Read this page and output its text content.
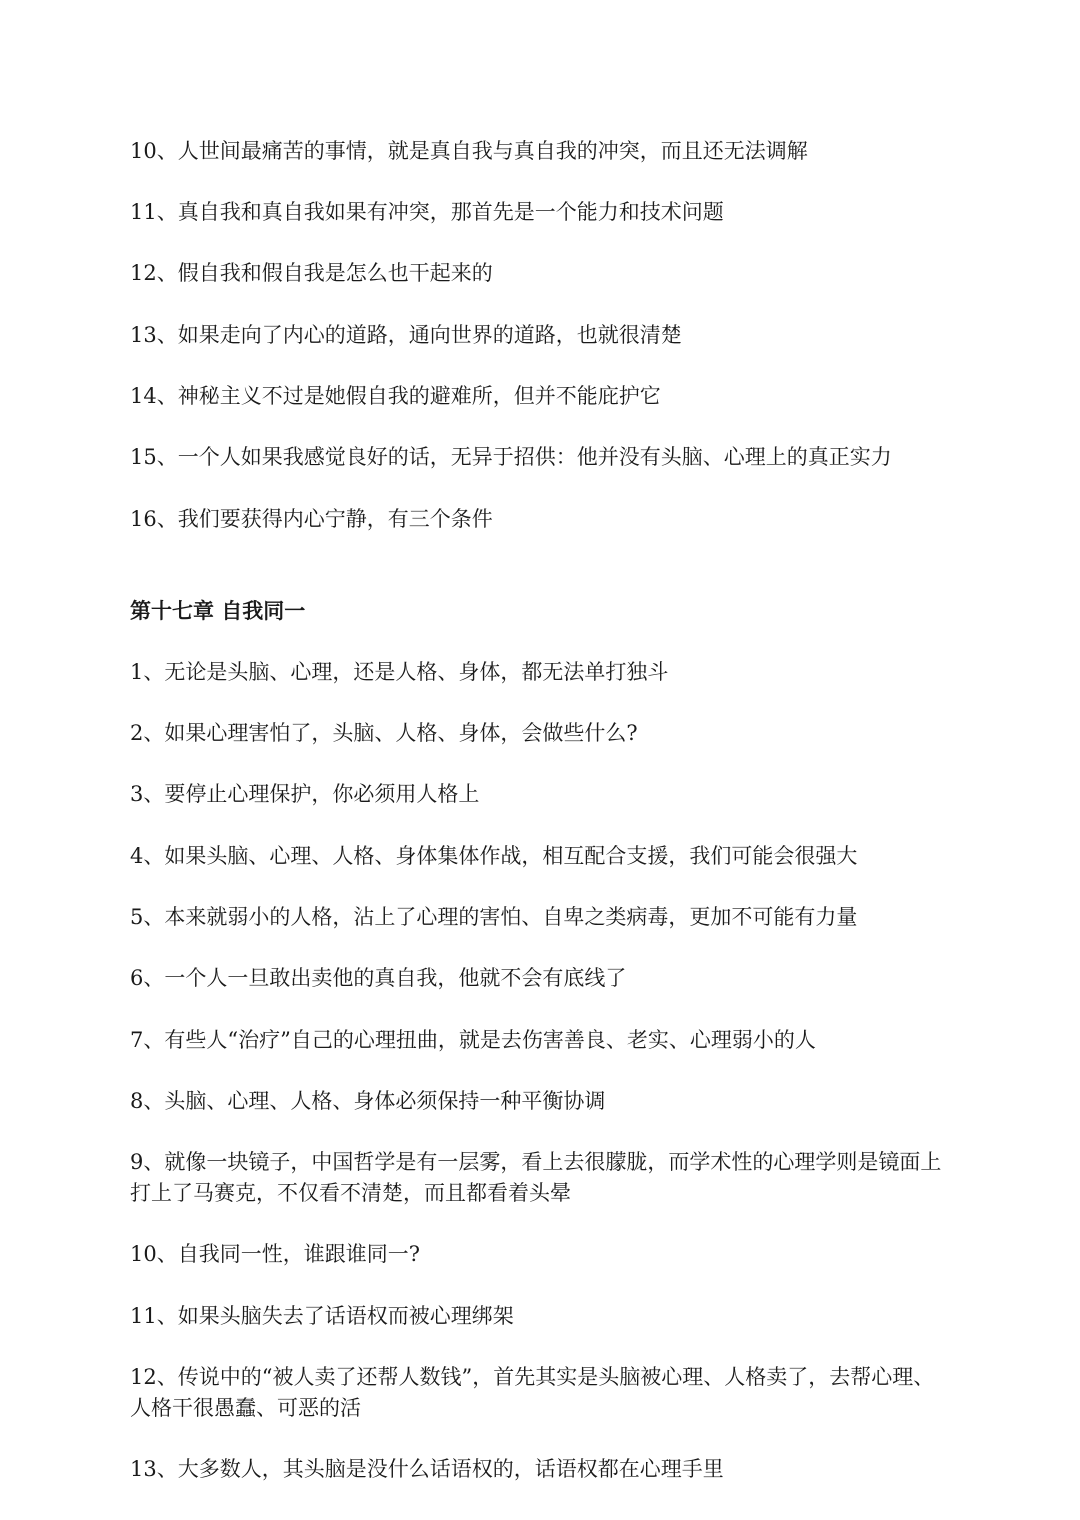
10、人世间最痛苦的事情，就是真自我与真自我的冲突，而且还无法调解
11、真自我和真自我如果有冲突，那首先是一个能力和技术问题
12、假自我和假自我是怎么也干起来的
13、如果走向了内心的道路，通向世界的道路，也就很清楚
14、神秘主义不过是她假自我的避难所，但并不能庇护它
15、一个人如果我感觉良好的话，无异于招供：他并没有头脑、心理上的真正实力
16、我们要获得内心宁静，有三个条件
第十七章 自我同一
1、无论是头脑、心理，还是人格、身体，都无法单打独斗
2、如果心理害怕了，头脑、人格、身体，会做些什么?
3、要停止心理保护，你必须用人格上
4、如果头脑、心理、人格、身体集体作战，相互配合支援，我们可能会很强大
5、本来就弱小的人格，沾上了心理的害怕、自卑之类病毒，更加不可能有力量
6、一个人一旦敢出卖他的真自我，他就不会有底线了
7、有些人“治疗”自己的心理扭曲，就是去伤害善良、老实、心理弱小的人
8、头脑、心理、人格、身体必须保持一种平衡协调
9、就像一块镜子，中国哲学是有一层雾，看上去很朦胧，而学术性的心理学则是镜面上打上了马赛克，不仅看不清楚，而且都看着头晕
10、自我同一性，谁跟谁同一?
11、如果头脑失去了话语权而被心理绑架
12、传说中的“被人卖了还帮人数钱”，首先其实是头脑被心理、人格卖了，去帮心理、人格干很愚蠢、可恶的活
13、大多数人，其头脑是没什么话语权的，话语权都在心理手里
